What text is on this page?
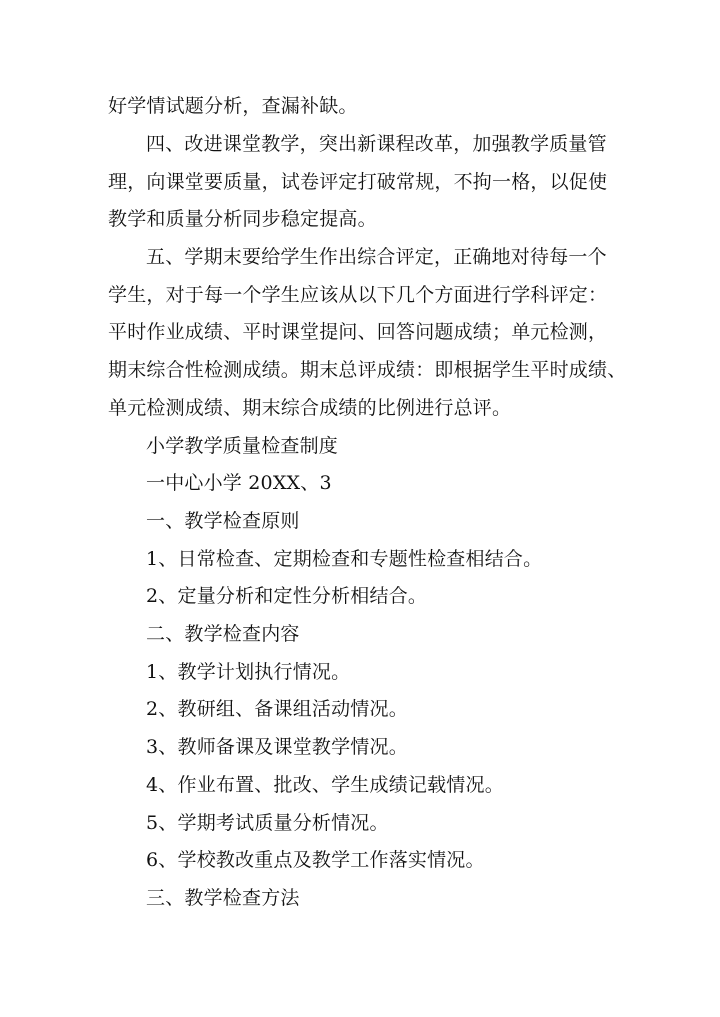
好学情试题分析，查漏补缺。
四、改进课堂教学，突出新课程改革，加强教学质量管
理，向课堂要质量，试卷评定打破常规，不拘一格，以促使
教学和质量分析同步稳定提高。
五、学期末要给学生作出综合评定，正确地对待每一个
学生，对于每一个学生应该从以下几个方面进行学科评定：
平时作业成绩、平时课堂提问、回答问题成绩；单元检测，
期末综合性检测成绩。期末总评成绩：即根据学生平时成绩、
单元检测成绩、期末综合成绩的比例进行总评。
小学教学质量检查制度
一中心小学 20XX、3
一、教学检查原则
1、日常检查、定期检查和专题性检查相结合。
2、定量分析和定性分析相结合。
二、教学检查内容
1、教学计划执行情况。
2、教研组、备课组活动情况。
3、教师备课及课堂教学情况。
4、作业布置、批改、学生成绩记载情况。
5、学期考试质量分析情况。
6、学校教改重点及教学工作落实情况。
三、教学检查方法
